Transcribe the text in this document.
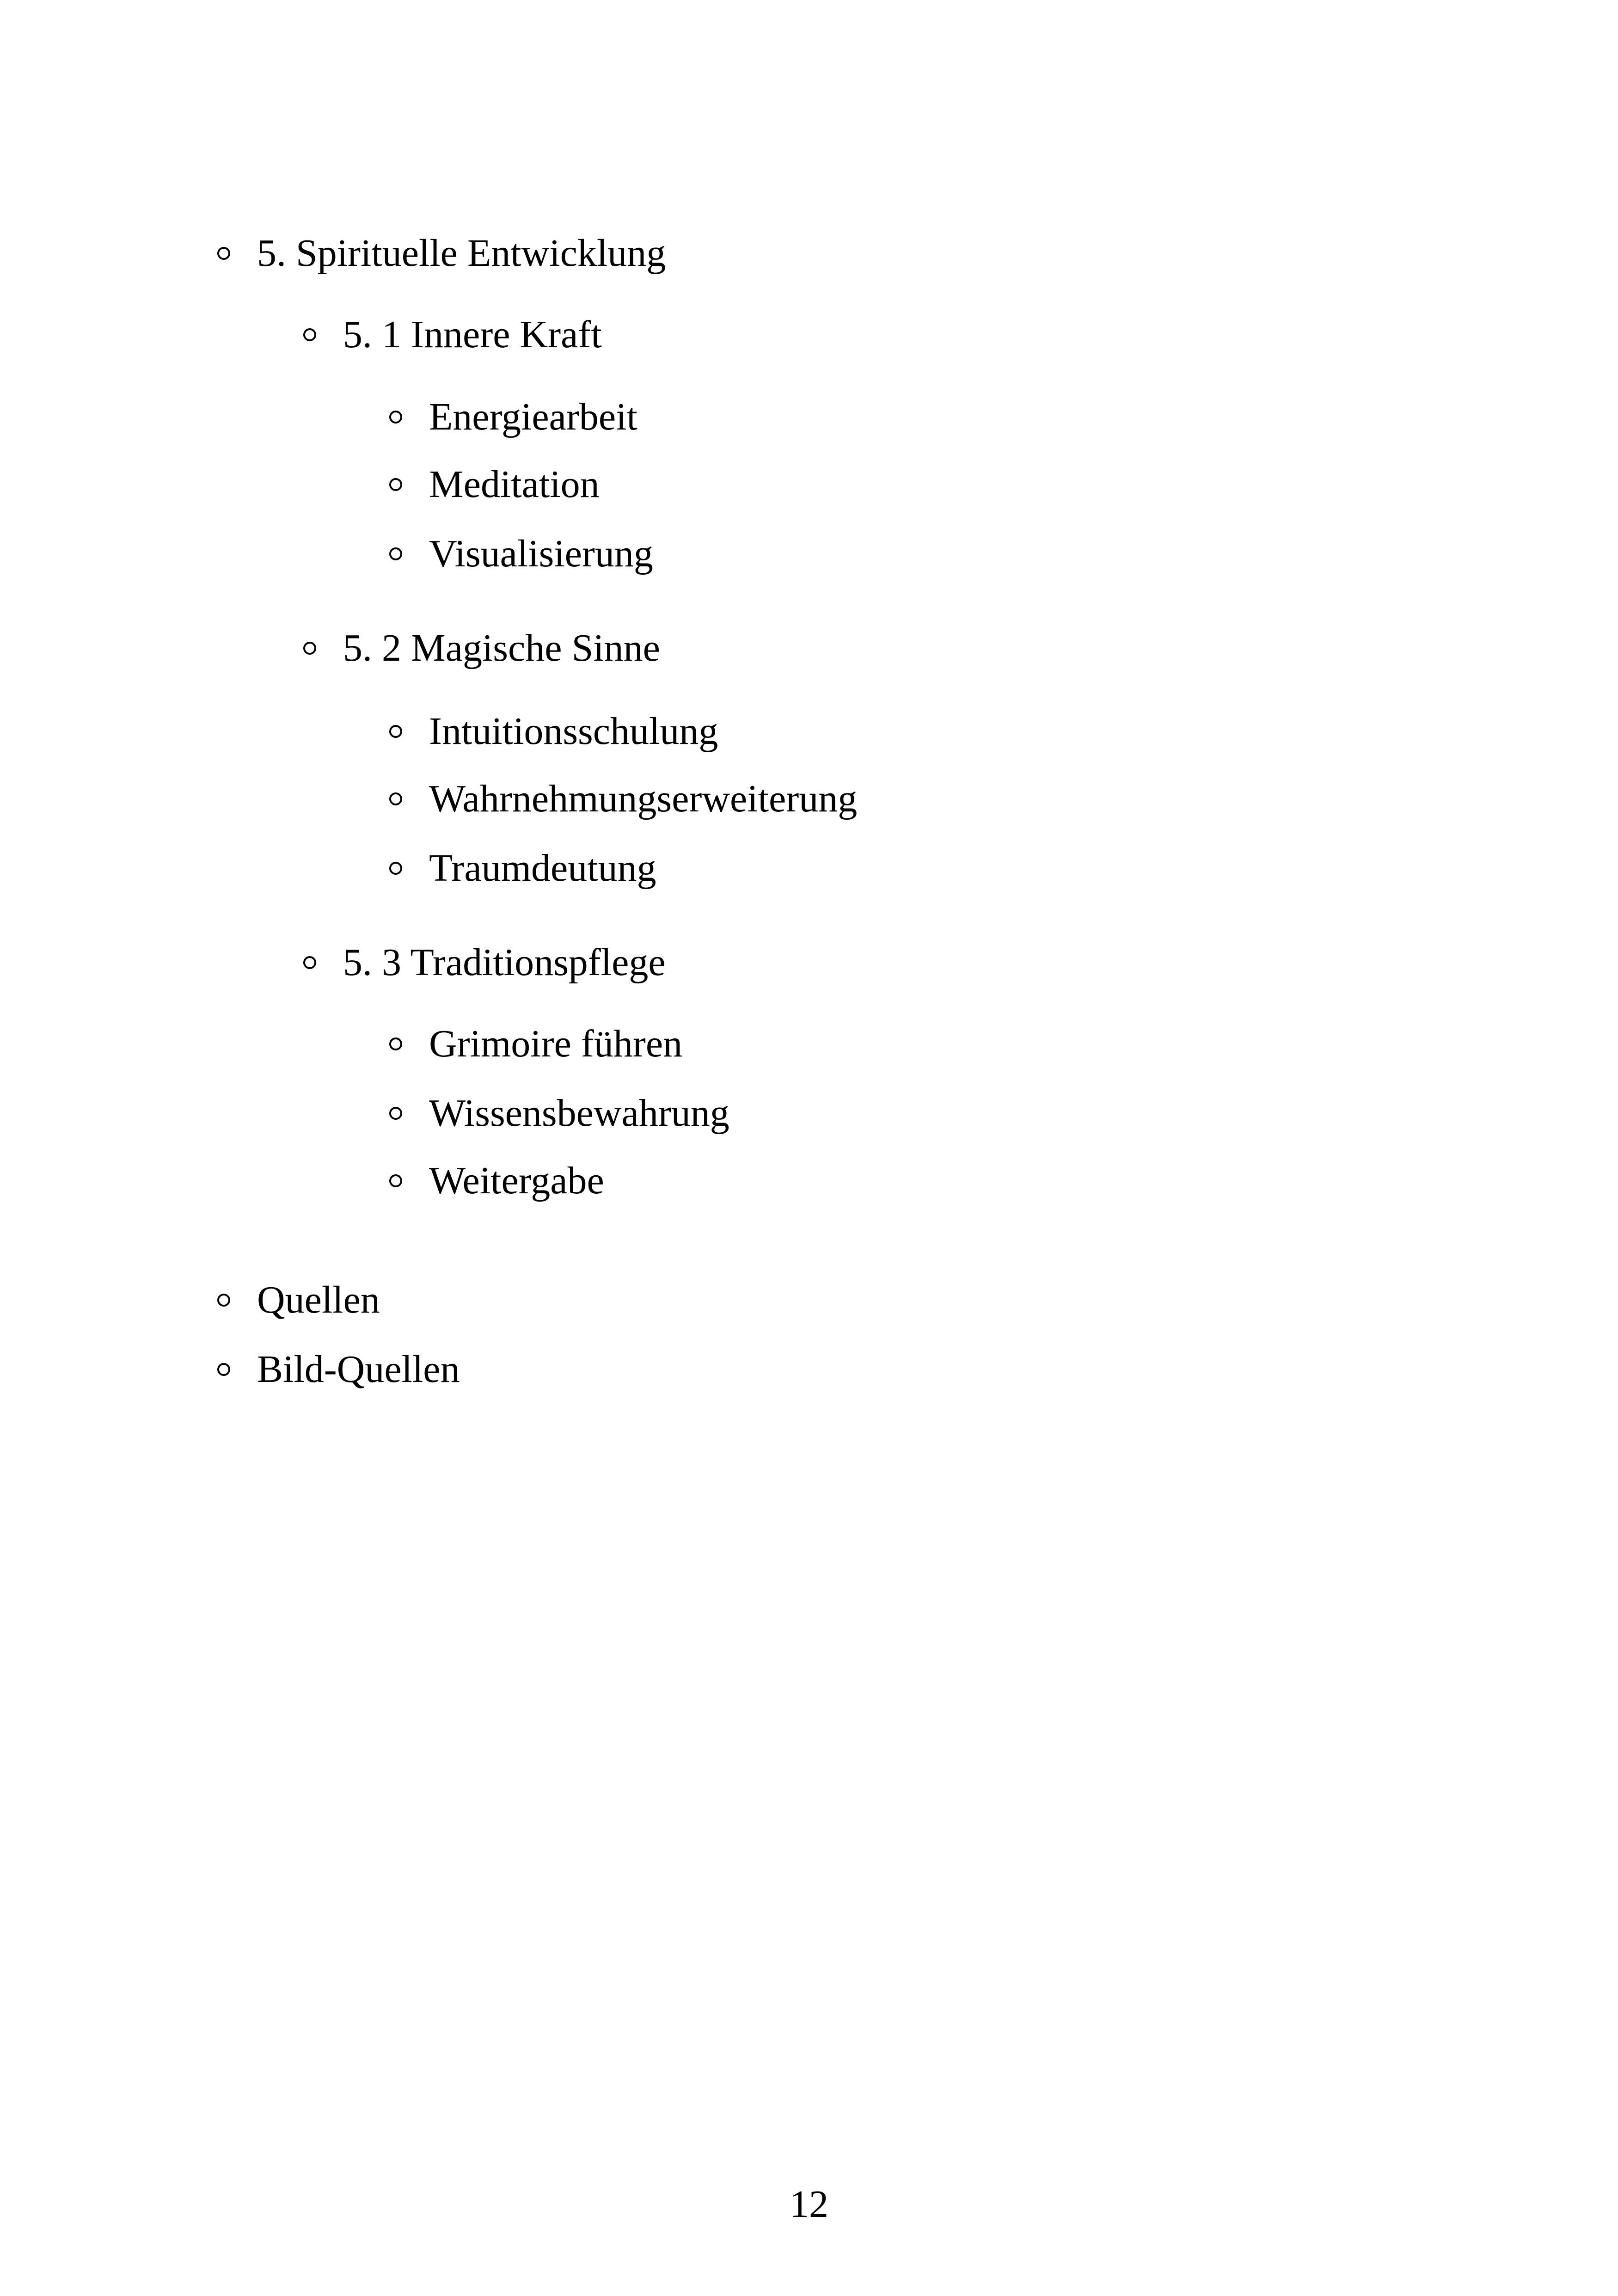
5. Spirituelle Entwicklung
5. 1 Innere Kraft
Energiearbeit
Meditation
Visualisierung
5. 2 Magische Sinne
Intuitionsschulung
Wahrnehmungserweiterung
Traumdeutung
5. 3 Traditionspflege
Grimoire führen
Wissensbewahrung
Weitergabe
Quellen
Bild-Quellen
12
